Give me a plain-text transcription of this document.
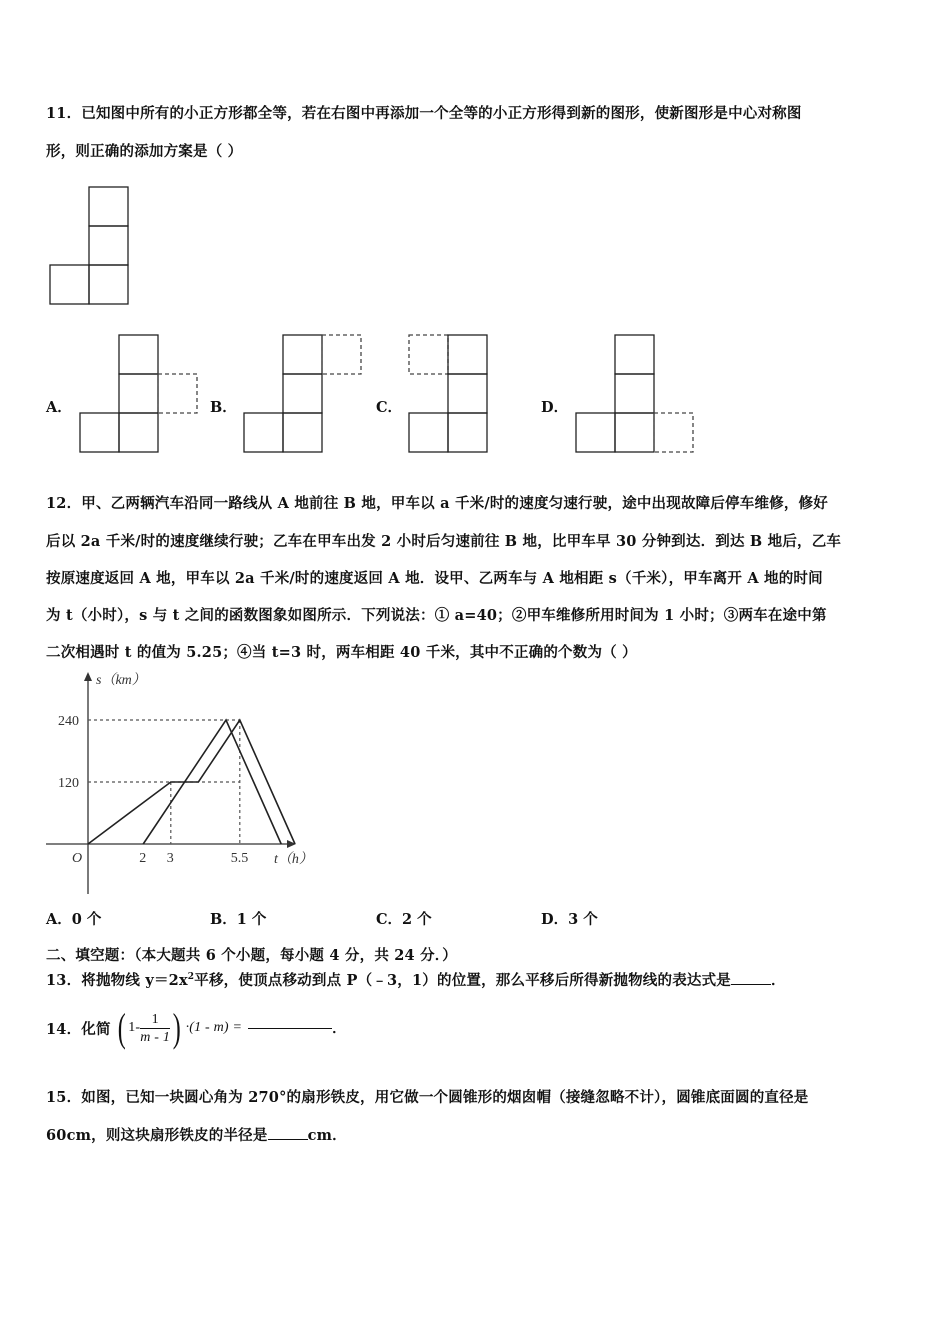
11．已知图中所有的小正方形都全等，若在右图中再添加一个全等的小正方形得到新的图形，使新图形是中心对称图
形，则正确的添加方案是（ ）
A．	B．	C．	D．
12．甲、乙两辆汽车沿同一路线从 A 地前往 B 地，甲车以 a 千米/时的速度匀速行驶，途中出现故障后停车维修，修好
后以 2a 千米/时的速度继续行驶；乙车在甲车出发 2 小时后匀速前往 B 地，比甲车早 30 分钟到达．到达 B 地后，乙车
按原速度返回 A 地，甲车以 2a 千米/时的速度返回 A 地．设甲、乙两车与 A 地相距 s（千米），甲车离开 A 地的时间
为 t（小时），s 与 t 之间的函数图象如图所示．下列说法：① a=40；②甲车维修所用时间为 1 小时；③两车在途中第
二次相遇时 t 的值为 5.25；④当 t=3 时，两车相距 40 千米，其中不正确的个数为（ ）
s（km）
t（h）
O
120
240
2 3	5.5
A．0 个	B．1 个	C．2 个	D．3 个
二、填空题：（本大题共 6 个小题，每小题 4 分，共 24 分．）
13．将抛物线 $y=2x^2$平移，使顶点移动到点 P（﹣3，1）的位置，那么平移后所得新抛物线的表达式是	．
14．化简 ( $1- \frac{1}{m - 1}$ ) ·(1 - m) =	．
15．如图，已知一块圆心角为 270°的扇形铁皮，用它做一个圆锥形的烟囱帽（接缝忽略不计），圆锥底面圆的直径是
60cm，则这块扇形铁皮的半径是	cm．
